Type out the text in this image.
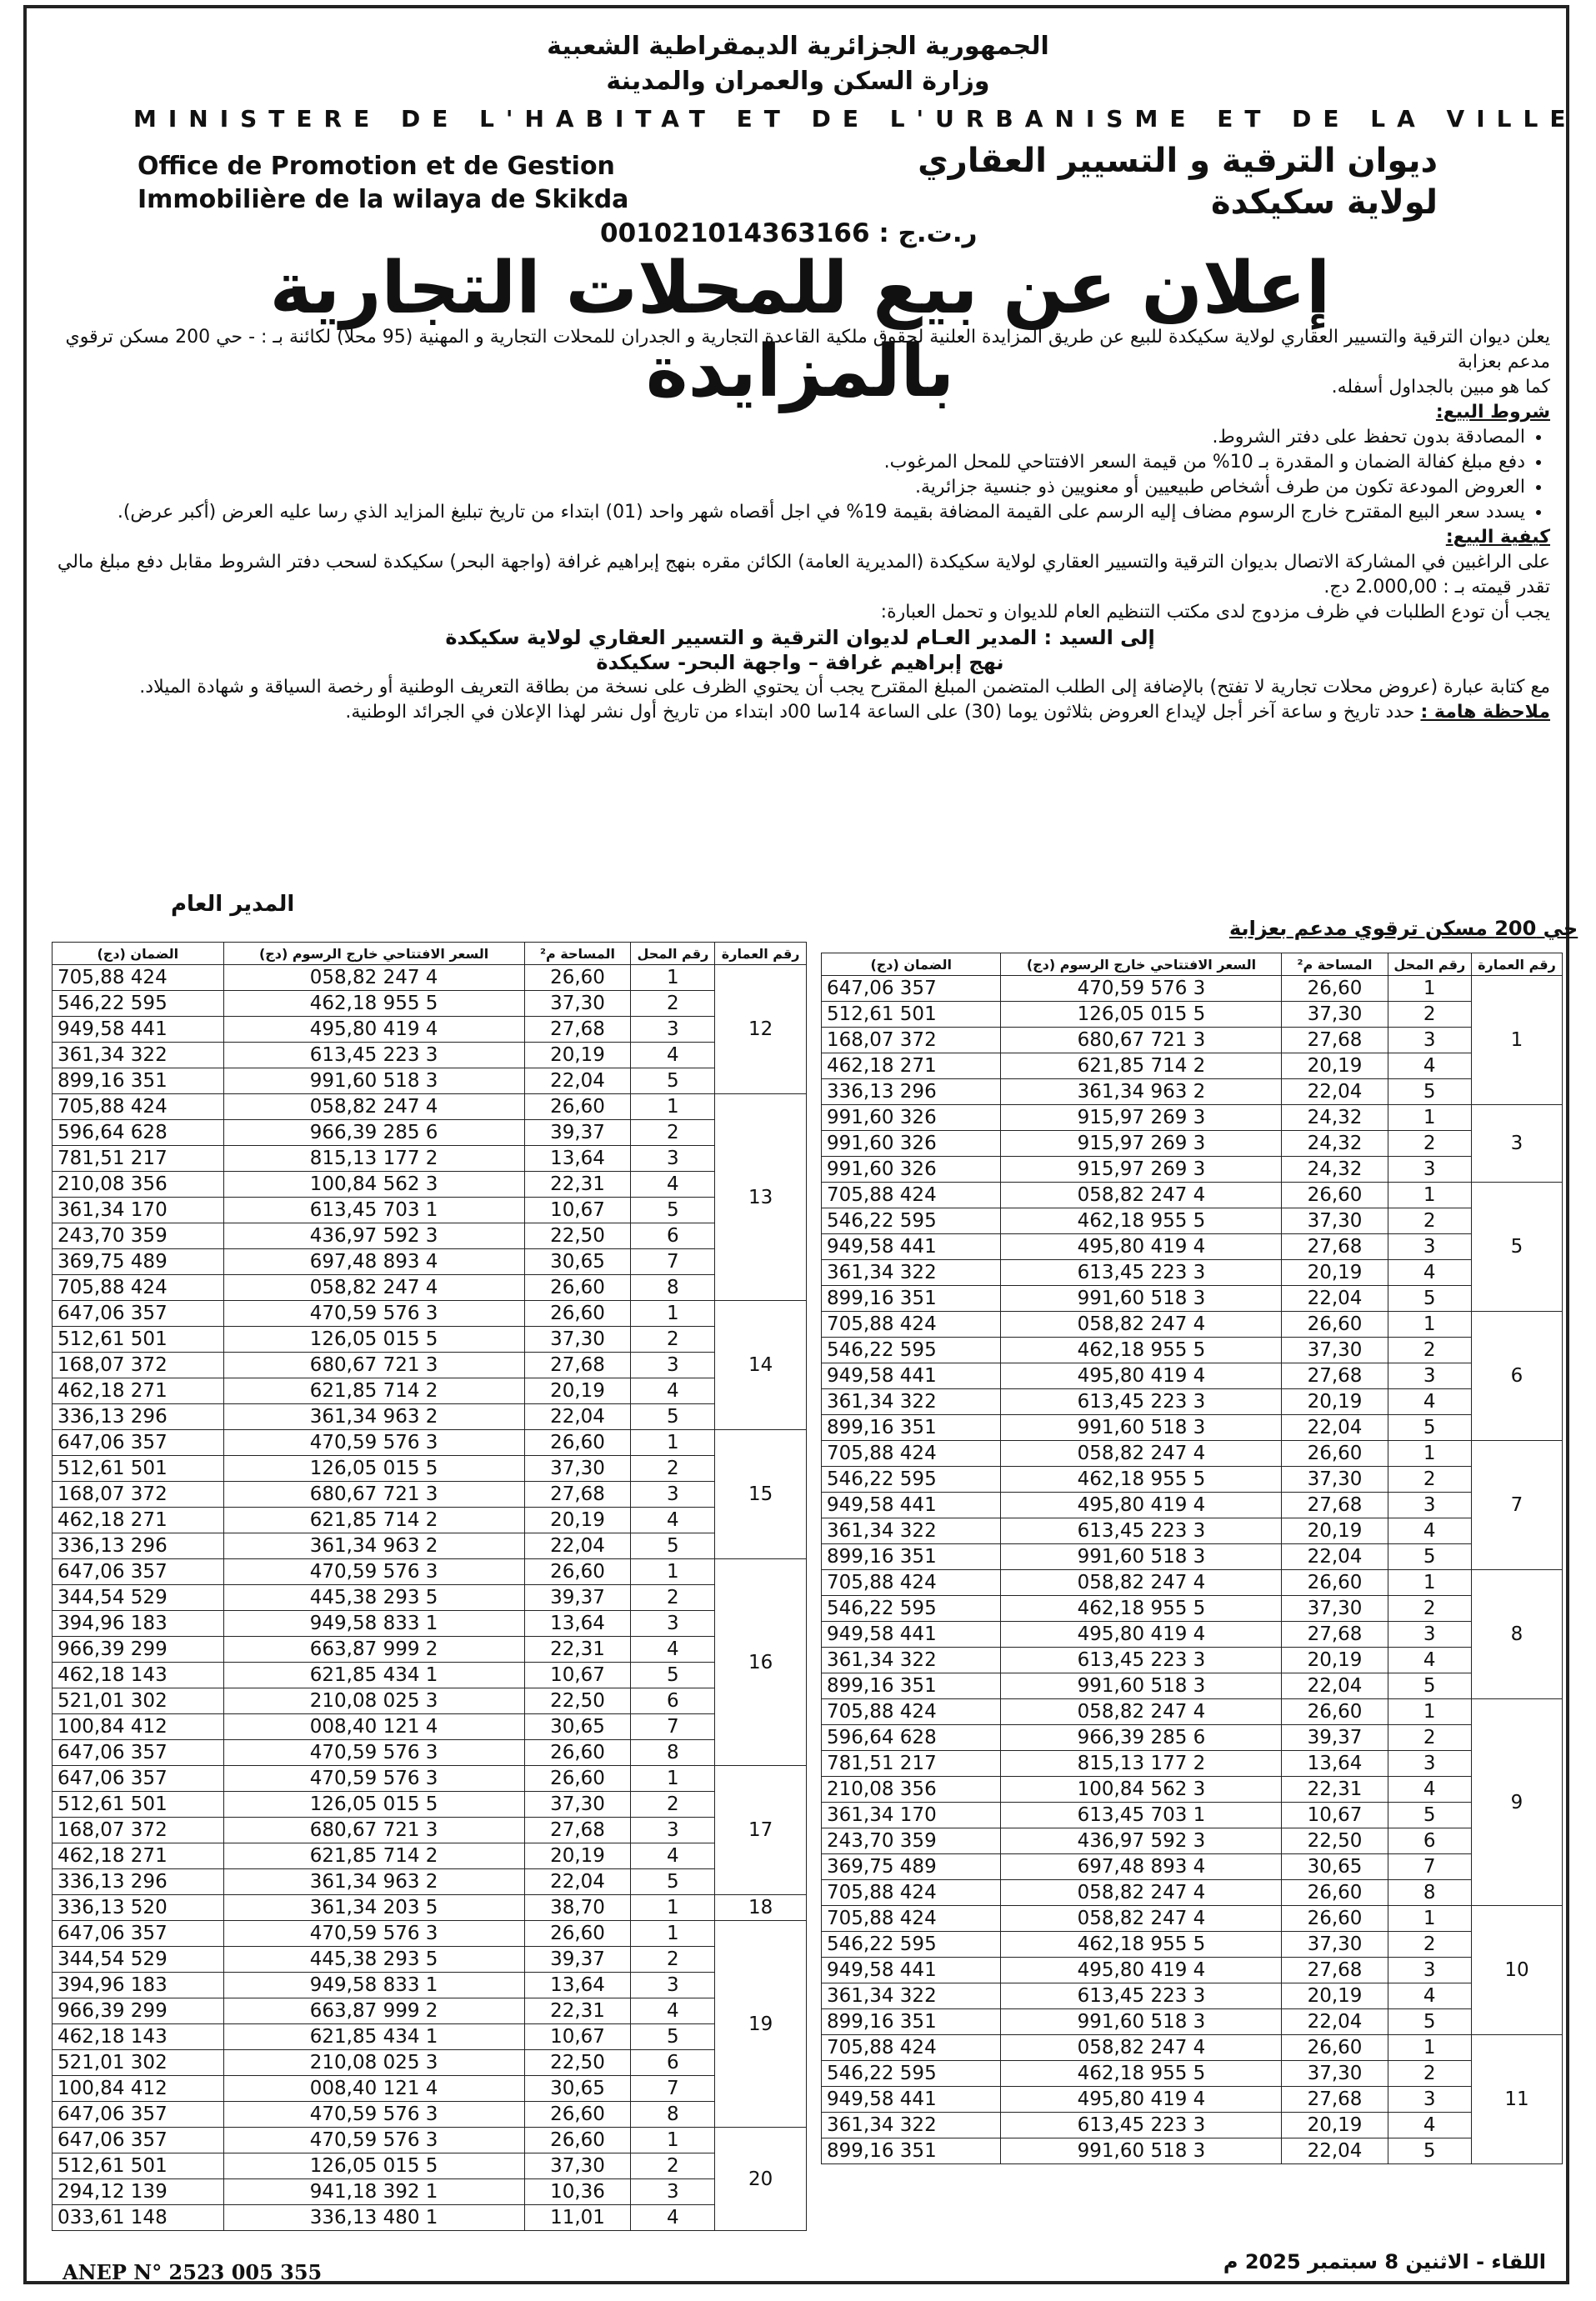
الجمهورية الجزائرية الديمقراطية الشعبية
وزارة السكن والعمران والمدينة
MINISTERE DE L'HABITAT ET DE L'URBANISME ET DE LA VILLE
Office de Promotion et de Gestion
Immobilière de la wilaya de Skikda
ديوان الترقية و التسيير العقاري
لولاية سكيكدة
ر.ت.ج : 001021014363166
إعلان عن بيع للمحلات التجارية بالمزايدة
يعلن ديوان الترقية والتسيير العقاري لولاية سكيكدة للبيع عن طريق المزايدة العلنية لحقوق ملكية القاعدة التجارية و الجدران للمحلات التجارية و المهنية (95 محلا) لكائنة بـ : - حي 200 مسكن ترقوي مدعم بعزابة
كما هو مبين بالجداول أسفله.
شروط البيع:
• المصادقة بدون تحفظ على دفتر الشروط.
• دفع مبلغ كفالة الضمان و المقدرة بـ 10% من قيمة السعر الافتتاحي للمحل المرغوب.
• العروض المودعة تكون من طرف أشخاص طبيعيين أو معنويين ذو جنسية جزائرية.
• يسدد سعر البيع المقترح خارج الرسوم مضاف إليه الرسم على القيمة المضافة بقيمة 19% في اجل أقصاه شهر واحد (01) ابتداء من تاريخ تبليغ المزايد الذي رسا عليه العرض (أكبر عرض).
كيفية البيع:
على الراغبين في المشاركة الاتصال بديوان الترقية والتسيير العقاري لولاية سكيكدة (المديرية العامة) الكائن مقره بنهج إبراهيم غرافة (واجهة البحر) سكيكدة لسحب دفتر الشروط مقابل دفع مبلغ مالي تقدر قيمته بـ : 2.000,00 دج.
يجب أن تودع الطلبات في ظرف مزدوج لدى مكتب التنظيم العام للديوان و تحمل العبارة:
إلى السيد : المدير العـام لديوان الترقية و التسيير العقاري لولاية سكيكدة
نهج إبراهيم غرافة – واجهة البحر- سكيكدة
مع كتابة عبارة (عروض محلات تجارية لا تفتح) بالإضافة إلى الطلب المتضمن المبلغ المقترح يجب أن يحتوي الظرف على نسخة من بطاقة التعريف الوطنية أو رخصة السياقة و شهادة الميلاد.
ملاحظة هامة : حدد تاريخ و ساعة آخر أجل لإيداع العروض بثلاثون يوما (30) على الساعة 14سا 00د ابتداء من تاريخ أول نشر لهذا الإعلان في الجرائد الوطنية.
المدير العام
حي 200 مسكن ترقوي مدعم بعزابة
رقم العمارة	رقم المحل	المساحة م²	السعر الافتتاحي خارج الرسوم (دج)	الضمان (دج)
1	1	26,60	3 576 470,59	357 647,06
	2	37,30	5 015 126,05	501 512,61
	3	27,68	3 721 680,67	372 168,07
	4	20,19	2 714 621,85	271 462,18
	5	22,04	2 963 361,34	296 336,13
3	1	24,32	3 269 915,97	326 991,60
	2	24,32	3 269 915,97	326 991,60
	3	24,32	3 269 915,97	326 991,60
5	1	26,60	4 247 058,82	424 705,88
	2	37,30	5 955 462,18	595 546,22
	3	27,68	4 419 495,80	441 949,58
	4	20,19	3 223 613,45	322 361,34
	5	22,04	3 518 991,60	351 899,16
6	1	26,60	4 247 058,82	424 705,88
	2	37,30	5 955 462,18	595 546,22
	3	27,68	4 419 495,80	441 949,58
	4	20,19	3 223 613,45	322 361,34
	5	22,04	3 518 991,60	351 899,16
7	1	26,60	4 247 058,82	424 705,88
	2	37,30	5 955 462,18	595 546,22
	3	27,68	4 419 495,80	441 949,58
	4	20,19	3 223 613,45	322 361,34
	5	22,04	3 518 991,60	351 899,16
8	1	26,60	4 247 058,82	424 705,88
	2	37,30	5 955 462,18	595 546,22
	3	27,68	4 419 495,80	441 949,58
	4	20,19	3 223 613,45	322 361,34
	5	22,04	3 518 991,60	351 899,16
9	1	26,60	4 247 058,82	424 705,88
	2	39,37	6 285 966,39	628 596,64
	3	13,64	2 177 815,13	217 781,51
	4	22,31	3 562 100,84	356 210,08
	5	10,67	1 703 613,45	170 361,34
	6	22,50	3 592 436,97	359 243,70
	7	30,65	4 893 697,48	489 369,75
	8	26,60	4 247 058,82	424 705,88
10	1	26,60	4 247 058,82	424 705,88
	2	37,30	5 955 462,18	595 546,22
	3	27,68	4 419 495,80	441 949,58
	4	20,19	3 223 613,45	322 361,34
	5	22,04	3 518 991,60	351 899,16
11	1	26,60	4 247 058,82	424 705,88
	2	37,30	5 955 462,18	595 546,22
	3	27,68	4 419 495,80	441 949,58
	4	20,19	3 223 613,45	322 361,34
	5	22,04	3 518 991,60	351 899,16
رقم العمارة	رقم المحل	المساحة م²	السعر الافتتاحي خارج الرسوم (دج)	الضمان (دج)
12	1	26,60	4 247 058,82	424 705,88
	2	37,30	5 955 462,18	595 546,22
	3	27,68	4 419 495,80	441 949,58
	4	20,19	3 223 613,45	322 361,34
	5	22,04	3 518 991,60	351 899,16
13	1	26,60	4 247 058,82	424 705,88
	2	39,37	6 285 966,39	628 596,64
	3	13,64	2 177 815,13	217 781,51
	4	22,31	3 562 100,84	356 210,08
	5	10,67	1 703 613,45	170 361,34
	6	22,50	3 592 436,97	359 243,70
	7	30,65	4 893 697,48	489 369,75
	8	26,60	4 247 058,82	424 705,88
14	1	26,60	3 576 470,59	357 647,06
	2	37,30	5 015 126,05	501 512,61
	3	27,68	3 721 680,67	372 168,07
	4	20,19	2 714 621,85	271 462,18
	5	22,04	2 963 361,34	296 336,13
15	1	26,60	3 576 470,59	357 647,06
	2	37,30	5 015 126,05	501 512,61
	3	27,68	3 721 680,67	372 168,07
	4	20,19	2 714 621,85	271 462,18
	5	22,04	2 963 361,34	296 336,13
16	1	26,60	3 576 470,59	357 647,06
	2	39,37	5 293 445,38	529 344,54
	3	13,64	1 833 949,58	183 394,96
	4	22,31	2 999 663,87	299 966,39
	5	10,67	1 434 621,85	143 462,18
	6	22,50	3 025 210,08	302 521,01
	7	30,65	4 121 008,40	412 100,84
	8	26,60	3 576 470,59	357 647,06
17	1	26,60	3 576 470,59	357 647,06
	2	37,30	5 015 126,05	501 512,61
	3	27,68	3 721 680,67	372 168,07
	4	20,19	2 714 621,85	271 462,18
	5	22,04	2 963 361,34	296 336,13
18	1	38,70	5 203 361,34	520 336,13
19	1	26,60	3 576 470,59	357 647,06
	2	39,37	5 293 445,38	529 344,54
	3	13,64	1 833 949,58	183 394,96
	4	22,31	2 999 663,87	299 966,39
	5	10,67	1 434 621,85	143 462,18
	6	22,50	3 025 210,08	302 521,01
	7	30,65	4 121 008,40	412 100,84
	8	26,60	3 576 470,59	357 647,06
20	1	26,60	3 576 470,59	357 647,06
	2	37,30	5 015 126,05	501 512,61
	3	10,36	1 392 941,18	139 294,12
	4	11,01	1 480 336,13	148 033,61
ANEP N° 2523 005 355	اللقاء - الاثنين 8 سبتمبر 2025 م
